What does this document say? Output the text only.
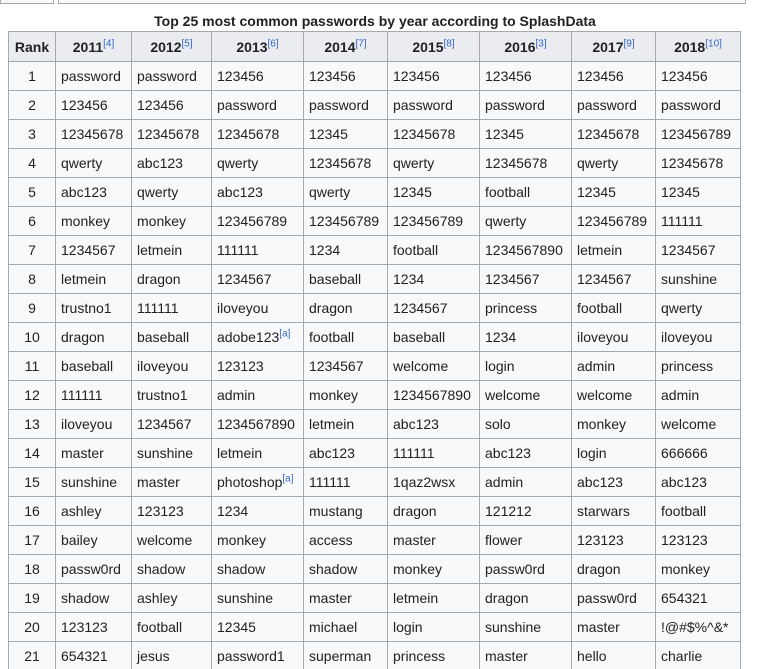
Top 25 most common passwords by year according to SplashData
Rank	2011[4]	2012[5]	2013[6]	2014[7]	2015[8]	2016[3]	2017[9]	2018[10]
1	password	password	123456	123456	123456	123456	123456	123456
2	123456	123456	password	password	password	password	password	password
3	12345678	12345678	12345678	12345	12345678	12345	12345678	123456789
4	qwerty	abc123	qwerty	12345678	qwerty	12345678	qwerty	12345678
5	abc123	qwerty	abc123	qwerty	12345	football	12345	12345
6	monkey	monkey	123456789	123456789	123456789	qwerty	123456789	111111
7	1234567	letmein	111111	1234	football	1234567890	letmein	1234567
8	letmein	dragon	1234567	baseball	1234	1234567	1234567	sunshine
9	trustno1	111111	iloveyou	dragon	1234567	princess	football	qwerty
10	dragon	baseball	adobe123[a]	football	baseball	1234	iloveyou	iloveyou
11	baseball	iloveyou	123123	1234567	welcome	login	admin	princess
12	111111	trustno1	admin	monkey	1234567890	welcome	welcome	admin
13	iloveyou	1234567	1234567890	letmein	abc123	solo	monkey	welcome
14	master	sunshine	letmein	abc123	111111	abc123	login	666666
15	sunshine	master	photoshop[a]	111111	1qaz2wsx	admin	abc123	abc123
16	ashley	123123	1234	mustang	dragon	121212	starwars	football
17	bailey	welcome	monkey	access	master	flower	123123	123123
18	passw0rd	shadow	shadow	shadow	monkey	passw0rd	dragon	monkey
19	shadow	ashley	sunshine	master	letmein	dragon	passw0rd	654321
20	123123	football	12345	michael	login	sunshine	master	!@#$%^&*
21	654321	jesus	password1	superman	princess	master	hello	charlie
